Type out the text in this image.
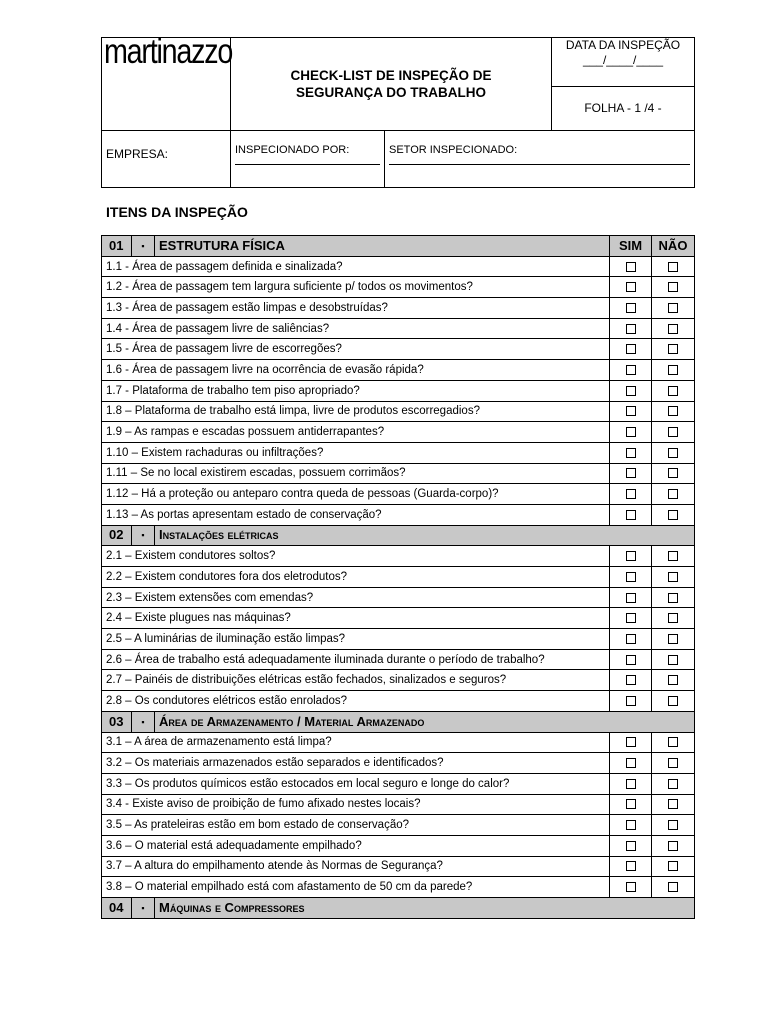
martinazzo	CHECK-LIST DE INSPEÇÃO DE
SEGURANÇA DO TRABALHO		DATA DA INSPEÇÃO
___/____/____
			FOLHA - 1 /4 -

EMPRESA:	INSPECIONADO POR:	SETOR INSPECIONADO:	
ITENS DA INSPEÇÃO
01	▪	ESTRUTURA FÍSICA	SIM	NÃO
1.1 - Área de passagem definida e sinalizada?				
1.2 - Área de passagem tem largura suficiente p/ todos os movimentos?				
1.3 - Área de passagem estão limpas e desobstruídas?				
1.4 - Área de passagem livre de saliências?				
1.5 - Área de passagem livre de escorregões?				
1.6 - Área de passagem livre na ocorrência de evasão rápida?				
1.7 - Plataforma de trabalho tem piso apropriado?				
1.8 – Plataforma de trabalho está limpa, livre de produtos escorregadios?				
1.9 – As rampas e escadas possuem antiderrapantes?				
1.10 – Existem rachaduras ou infiltrações?				
1.11 – Se no local existirem escadas, possuem corrimãos?				
1.12 – Há a proteção ou anteparo contra queda de pessoas (Guarda-corpo)?				
1.13 – As portas apresentam estado de conservação?				
02	▪	Instalações elétricas		
2.1 – Existem condutores soltos?				
2.2 – Existem condutores fora dos eletrodutos?				
2.3 – Existem extensões com emendas?				
2.4 – Existe plugues nas máquinas?				
2.5 – A luminárias de iluminação estão limpas?				
2.6 – Área de trabalho está adequadamente iluminada durante o período de trabalho?				
2.7 – Painéis de distribuições elétricas estão fechados, sinalizados e seguros?				
2.8 – Os condutores elétricos estão enrolados?				
03	▪	Área de Armazenamento / Material Armazenado		
3.1 – A área de armazenamento está limpa?				
3.2 – Os materiais armazenados estão separados e identificados?				
3.3 – Os produtos químicos estão estocados em local seguro e longe do calor?				
3.4 - Existe aviso de proibição de fumo afixado nestes locais?				
3.5 – As prateleiras estão em bom estado de conservação?				
3.6 – O material está adequadamente empilhado?				
3.7 – A altura do empilhamento atende às Normas de Segurança?				
3.8 – O material empilhado está com afastamento de 50 cm da parede?				
04	▪	Máquinas e Compressores		
